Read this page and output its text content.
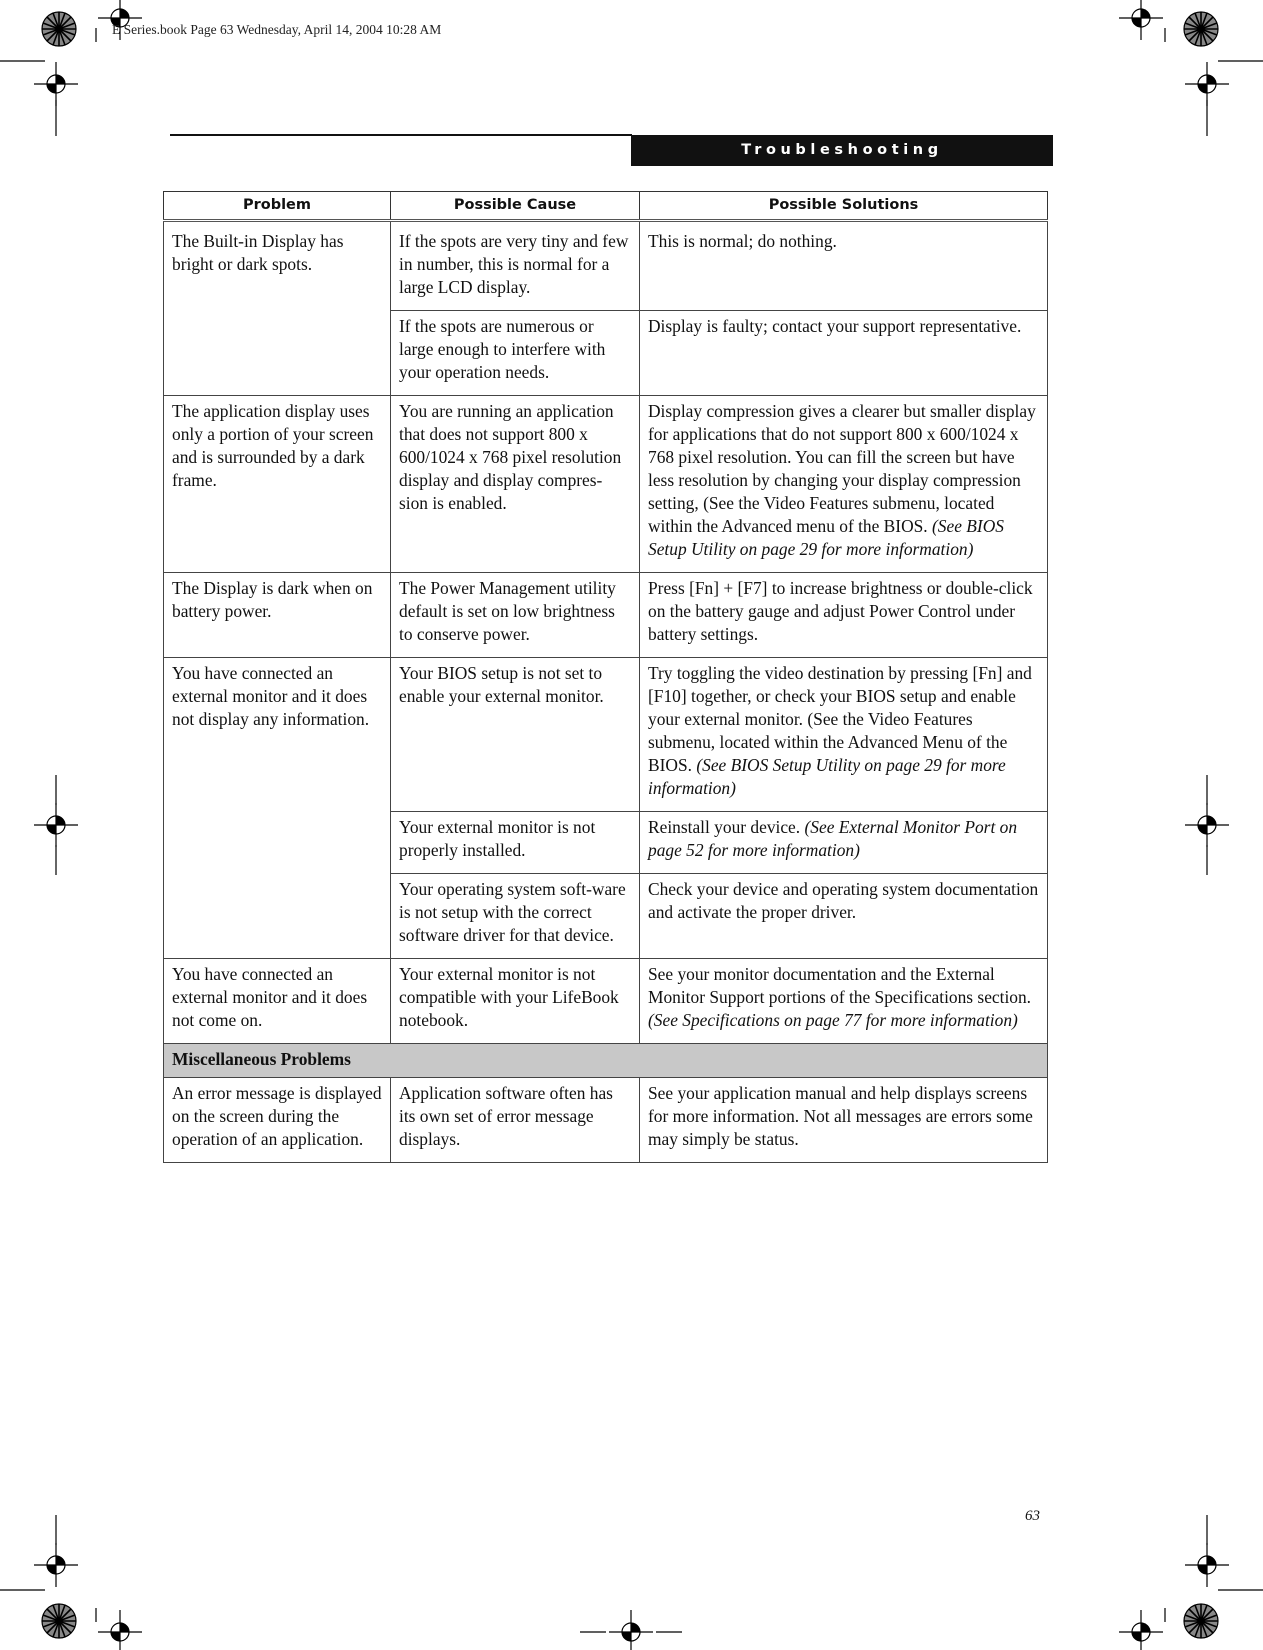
E Series.book Page 63 Wednesday, April 14, 2004 10:28 AM
Troubleshooting
Problem	Possible Cause	Possible Solutions
The Built-in Display has bright or dark spots.	If the spots are very tiny and few in number, this is normal for a large LCD display.	This is normal; do nothing.
	If the spots are numerous or large enough to interfere with your operation needs.	Display is faulty; contact your support representative.
The application display uses only a portion of your screen and is surrounded by a dark frame.	You are running an application that does not support 800 x 600/1024 x 768 pixel resolution display and display compres-sion is enabled.	Display compression gives a clearer but smaller display for applications that do not support 800 x 600/1024 x 768 pixel resolution. You can fill the screen but have less resolution by changing your display compression setting, (See the Video Features submenu, located within the Advanced menu of the BIOS. (See BIOS Setup Utility on page 29 for more information)
The Display is dark when on battery power.	The Power Management utility default is set on low brightness to conserve power.	Press [Fn] + [F7] to increase brightness or double-click on the battery gauge and adjust Power Control under battery settings.
You have connected an external monitor and it does not display any information.	Your BIOS setup is not set to enable your external monitor.	Try toggling the video destination by pressing [Fn] and [F10] together, or check your BIOS setup and enable your external monitor. (See the Video Features submenu, located within the Advanced Menu of the BIOS. (See BIOS Setup Utility on page 29 for more information)
	Your external monitor is not properly installed.	Reinstall your device. (See External Monitor Port on page 52 for more information)
	Your operating system soft-ware is not setup with the correct software driver for that device.	Check your device and operating system documentation and activate the proper driver.
You have connected an external monitor and it does not come on.	Your external monitor is not compatible with your LifeBook notebook.	See your monitor documentation and the External Monitor Support portions of the Specifications section. (See Specifications on page 77 for more information)
Miscellaneous Problems		
An error message is displayed on the screen during the operation of an application.	Application software often has its own set of error message displays.	See your application manual and help displays screens for more information. Not all messages are errors some may simply be status.
63
